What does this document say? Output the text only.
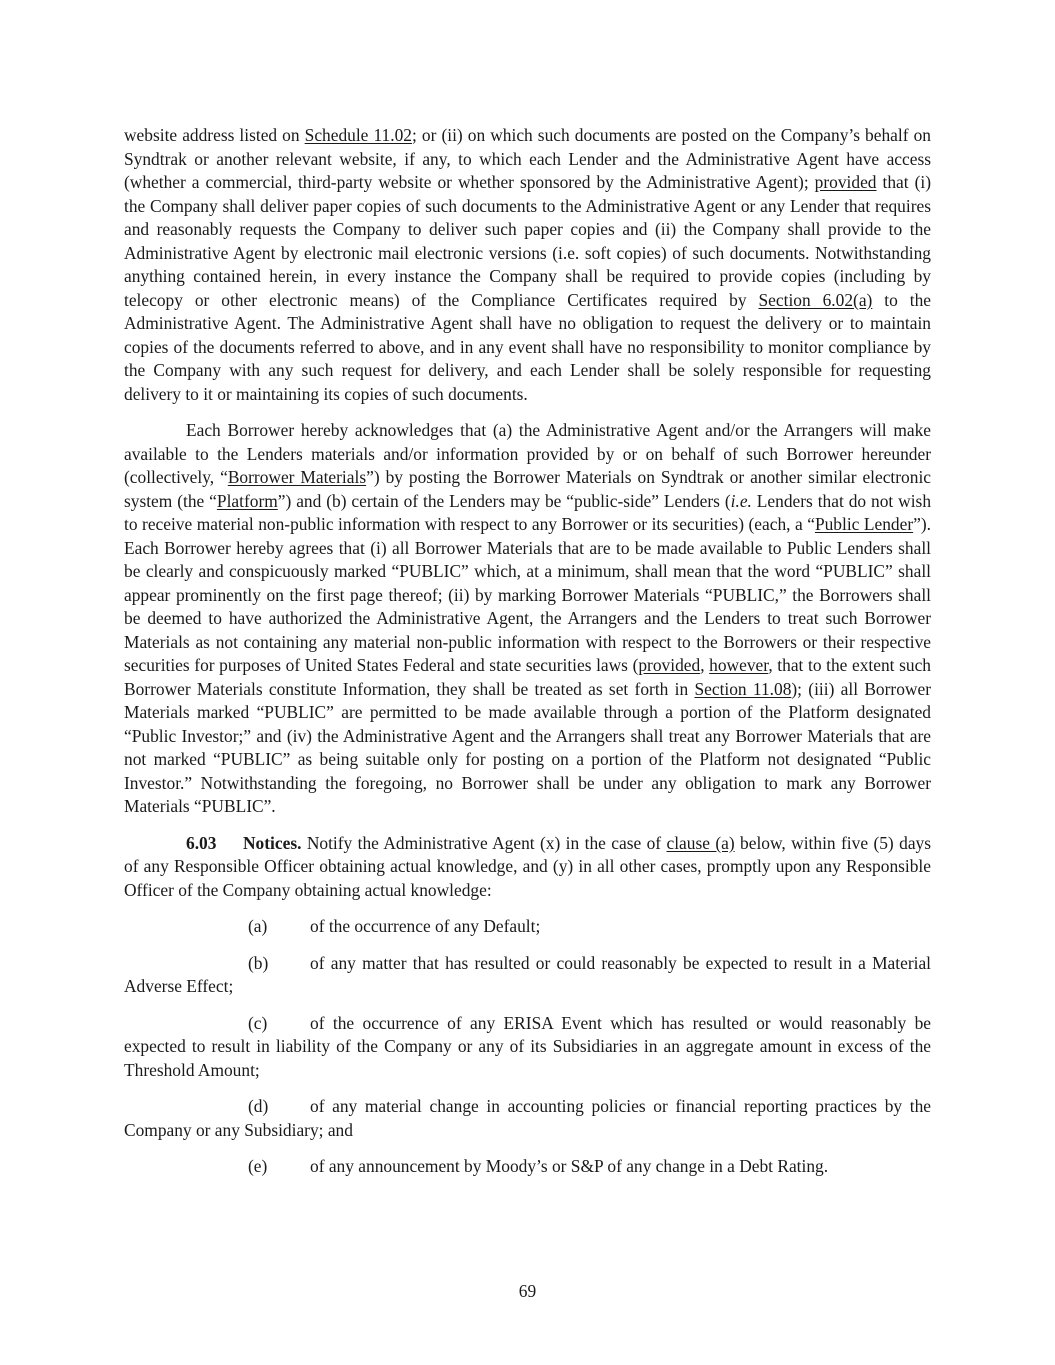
website address listed on Schedule 11.02; or (ii) on which such documents are posted on the Company’s behalf on Syndtrak or another relevant website, if any, to which each Lender and the Administrative Agent have access (whether a commercial, third-party website or whether sponsored by the Administrative Agent); provided that (i) the Company shall deliver paper copies of such documents to the Administrative Agent or any Lender that requires and reasonably requests the Company to deliver such paper copies and (ii) the Company shall provide to the Administrative Agent by electronic mail electronic versions (i.e. soft copies) of such documents. Notwithstanding anything contained herein, in every instance the Company shall be required to provide copies (including by telecopy or other electronic means) of the Compliance Certificates required by Section 6.02(a) to the Administrative Agent. The Administrative Agent shall have no obligation to request the delivery or to maintain copies of the documents referred to above, and in any event shall have no responsibility to monitor compliance by the Company with any such request for delivery, and each Lender shall be solely responsible for requesting delivery to it or maintaining its copies of such documents.

Each Borrower hereby acknowledges that (a) the Administrative Agent and/or the Arrangers will make available to the Lenders materials and/or information provided by or on behalf of such Borrower hereunder (collectively, “Borrower Materials”) by posting the Borrower Materials on Syndtrak or another similar electronic system (the “Platform”) and (b) certain of the Lenders may be “public-side” Lenders (i.e. Lenders that do not wish to receive material non-public information with respect to any Borrower or its securities) (each, a “Public Lender”). Each Borrower hereby agrees that (i) all Borrower Materials that are to be made available to Public Lenders shall be clearly and conspicuously marked “PUBLIC” which, at a minimum, shall mean that the word “PUBLIC” shall appear prominently on the first page thereof; (ii) by marking Borrower Materials “PUBLIC,” the Borrowers shall be deemed to have authorized the Administrative Agent, the Arrangers and the Lenders to treat such Borrower Materials as not containing any material non-public information with respect to the Borrowers or their respective securities for purposes of United States Federal and state securities laws (provided, however, that to the extent such Borrower Materials constitute Information, they shall be treated as set forth in Section 11.08); (iii) all Borrower Materials marked “PUBLIC” are permitted to be made available through a portion of the Platform designated “Public Investor;” and (iv) the Administrative Agent and the Arrangers shall treat any Borrower Materials that are not marked “PUBLIC” as being suitable only for posting on a portion of the Platform not designated “Public Investor.” Notwithstanding the foregoing, no Borrower shall be under any obligation to mark any Borrower Materials “PUBLIC”.

6.03 Notices. Notify the Administrative Agent (x) in the case of clause (a) below, within five (5) days of any Responsible Officer obtaining actual knowledge, and (y) in all other cases, promptly upon any Responsible Officer of the Company obtaining actual knowledge:

(a) of the occurrence of any Default;

(b) of any matter that has resulted or could reasonably be expected to result in a Material Adverse Effect;

(c) of the occurrence of any ERISA Event which has resulted or would reasonably be expected to result in liability of the Company or any of its Subsidiaries in an aggregate amount in excess of the Threshold Amount;

(d) of any material change in accounting policies or financial reporting practices by the Company or any Subsidiary; and

(e) of any announcement by Moody’s or S&P of any change in a Debt Rating.

69
